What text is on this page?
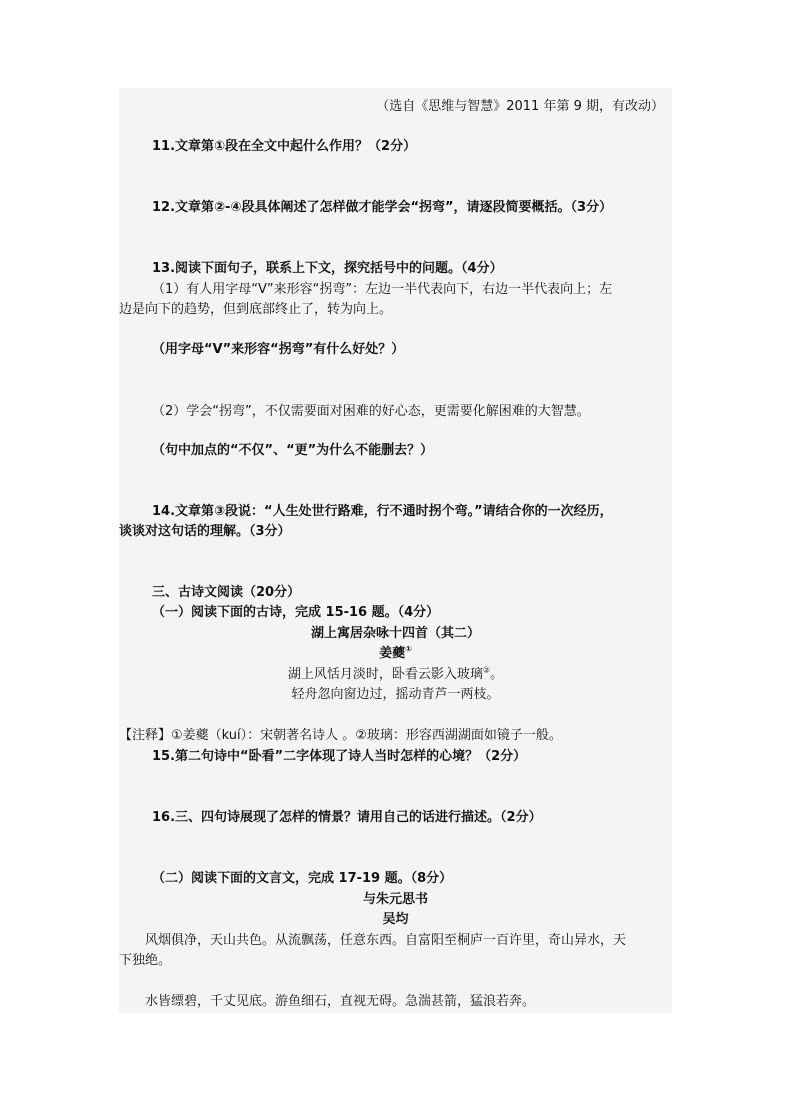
（选自《思维与智慧》2011 年第 9 期，有改动）
11.文章第①段在全文中起什么作用？（2分）
12.文章第②-④段具体阐述了怎样做才能学会“拐弯”，请逐段简要概括。（3分）
13.阅读下面句子，联系上下文，探究括号中的问题。（4分）
（1）有人用字母“V”来形容“拐弯”：左边一半代表向下，右边一半代表向上；左
边是向下的趋势，但到底部终止了，转为向上。
（用字母“V”来形容“拐弯”有什么好处？）
（2）学会“拐弯”，不仅需要面对困难的好心态，更需要化解困难的大智慧。
（句中加点的“不仅”、“更”为什么不能删去？）
14.文章第③段说：“人生处世行路难，行不通时拐个弯。”请结合你的一次经历，
谈谈对这句话的理解。（3分）
三、古诗文阅读（20分）
（一）阅读下面的古诗，完成 15-16 题。（4分）
湖上寓居杂咏十四首（其二）
姜夔①
湖上风恬月淡时，卧看云影入玻璃②。
轻舟忽向窗边过，摇动青芦一两枝。
【注释】①姜夔（kuí）：宋朝著名诗人 。②玻璃：形容西湖湖面如镜子一般。
15.第二句诗中“卧看”二字体现了诗人当时怎样的心境？（2分）
16.三、四句诗展现了怎样的情景？请用自己的话进行描述。（2分）
（二）阅读下面的文言文，完成 17-19 题。（8分）
与朱元思书
吴均
风烟俱净，天山共色。从流飘荡，任意东西。自富阳至桐庐一百许里，奇山异水，天
下独绝。
水皆缥碧，千丈见底。游鱼细石，直视无碍。急湍甚箭，猛浪若奔。
